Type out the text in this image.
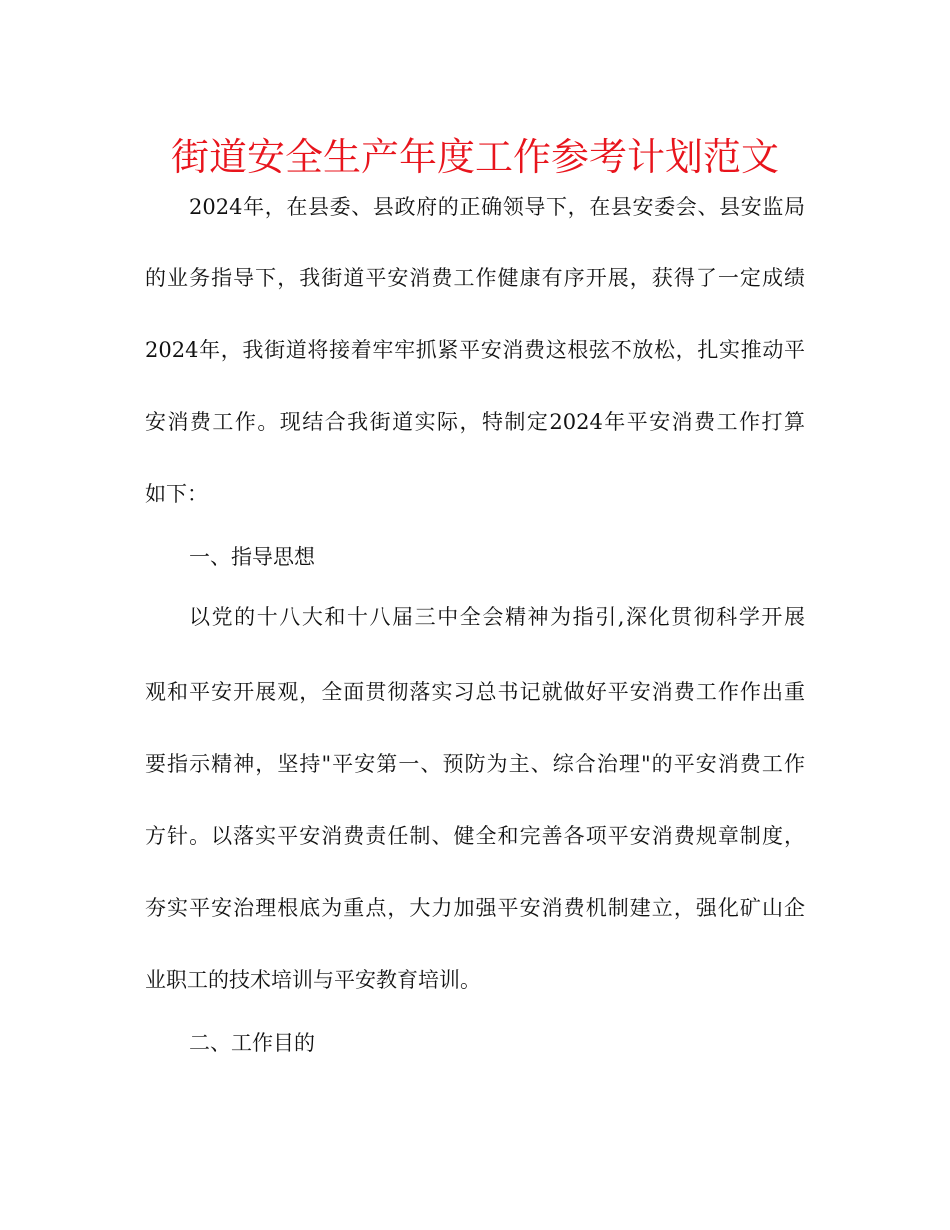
街道安全生产年度工作参考计划范文
2024年，在县委、县政府的正确领导下，在县安委会、县安监局
的业务指导下，我街道平安消费工作健康有序开展，获得了一定成绩
2024年，我街道将接着牢牢抓紧平安消费这根弦不放松，扎实推动平
安消费工作。现结合我街道实际，特制定2024年平安消费工作打算
如下：
一、指导思想
以党的十八大和十八届三中全会精神为指引,深化贯彻科学开展
观和平安开展观，全面贯彻落实习总书记就做好平安消费工作作出重
要指示精神，坚持"平安第一、预防为主、综合治理"的平安消费工作
方针。以落实平安消费责任制、健全和完善各项平安消费规章制度，
夯实平安治理根底为重点，大力加强平安消费机制建立，强化矿山企
业职工的技术培训与平安教育培训。
二、工作目的
